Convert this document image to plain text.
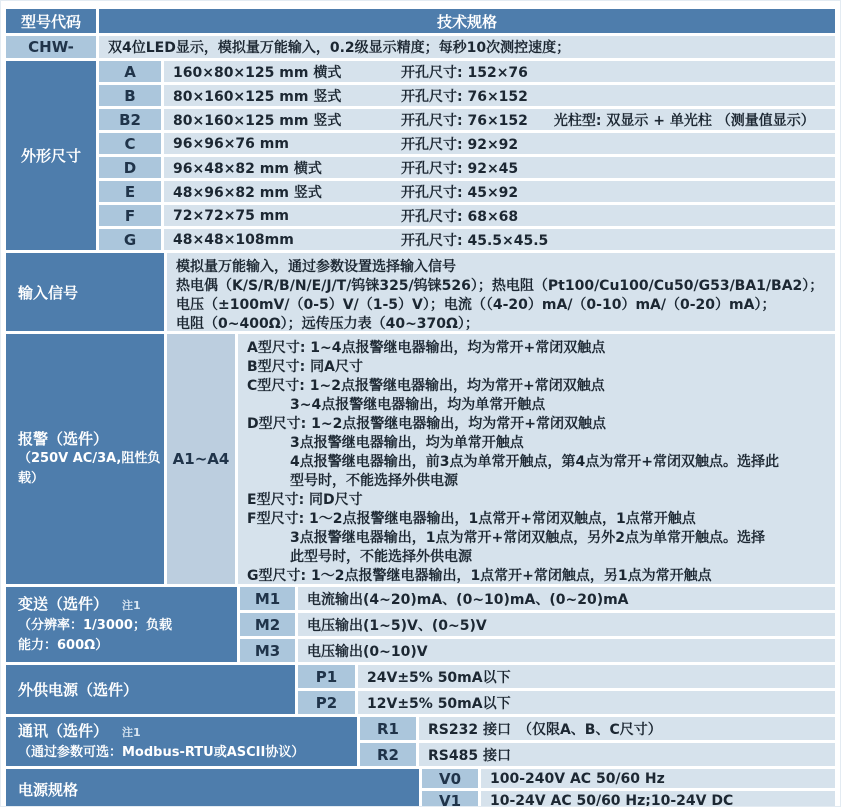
型号代码	技术规格
CHW-	双4位LED显示，模拟量万能输入，0.2级显示精度；每秒10次测控速度；
外形尺寸
A	160×80×125 mm 横式	开孔尺寸: 152×76
B	80×160×125 mm 竖式	开孔尺寸: 76×152
B2	80×160×125 mm 竖式	开孔尺寸: 76×152 光柱型: 双显示 + 单光柱 （测量值显示）
C	96×96×76 mm	开孔尺寸: 92×92
D	96×48×82 mm 横式	开孔尺寸: 92×45
E	48×96×82 mm 竖式	开孔尺寸: 45×92
F	72×72×75 mm	开孔尺寸: 68×68
G	48×48×108mm	开孔尺寸: 45.5×45.5
输入信号
模拟量万能输入，通过参数设置选择输入信号
热电偶（K/S/R/B/N/E/J/T/钨铼325/钨铼526）；热电阻（Pt100/Cu100/Cu50/G53/BA1/BA2）；
电压（±100mV/（0-5）V/（1-5）V）；电流（（4-20）mA/（0-10）mA/（0-20）mA）；
电阻（0~400Ω）；远传压力表（40~370Ω）；
报警（选件）
（250V AC/3A,阻性负载）
A1~A4
A型尺寸: 1~4点报警继电器输出，均为常开+常闭双触点
B型尺寸: 同A尺寸
C型尺寸: 1~2点报警继电器输出，均为常开+常闭双触点
3~4点报警继电器输出，均为单常开触点
D型尺寸: 1~2点报警继电器输出，均为常开+常闭双触点
3点报警继电器输出，均为单常开触点
4点报警继电器输出，前3点为单常开触点，第4点为常开+常闭双触点。选择此
型号时，不能选择外供电源
E型尺寸: 同D尺寸
F型尺寸: 1～2点报警继电器输出，1点常开+常闭双触点，1点常开触点
3点报警继电器输出，1点为常开+常闭双触点，另外2点为单常开触点。选择
此型号时，不能选择外供电源
G型尺寸: 1～2点报警继电器输出，1点常开+常闭触点，另1点为常开触点
变送（选件） 注1
（分辨率：1/3000；负载
能力：600Ω）
M1	电流输出(4~20)mA、(0~10)mA、(0~20)mA
M2	电压输出(1~5)V、(0~5)V
M3	电压输出(0~10)V
外供电源（选件）
P1	24V±5% 50mA以下
P2	12V±5% 50mA以下
通讯（选件） 注1
（通过参数可选：Modbus-RTU或ASCII协议）
R1	RS232 接口　（仅限A、B、C尺寸）
R2	RS485 接口
电源规格
V0	100-240V AC 50/60 Hz
V1	10-24V AC 50/60 Hz;10-24V DC
